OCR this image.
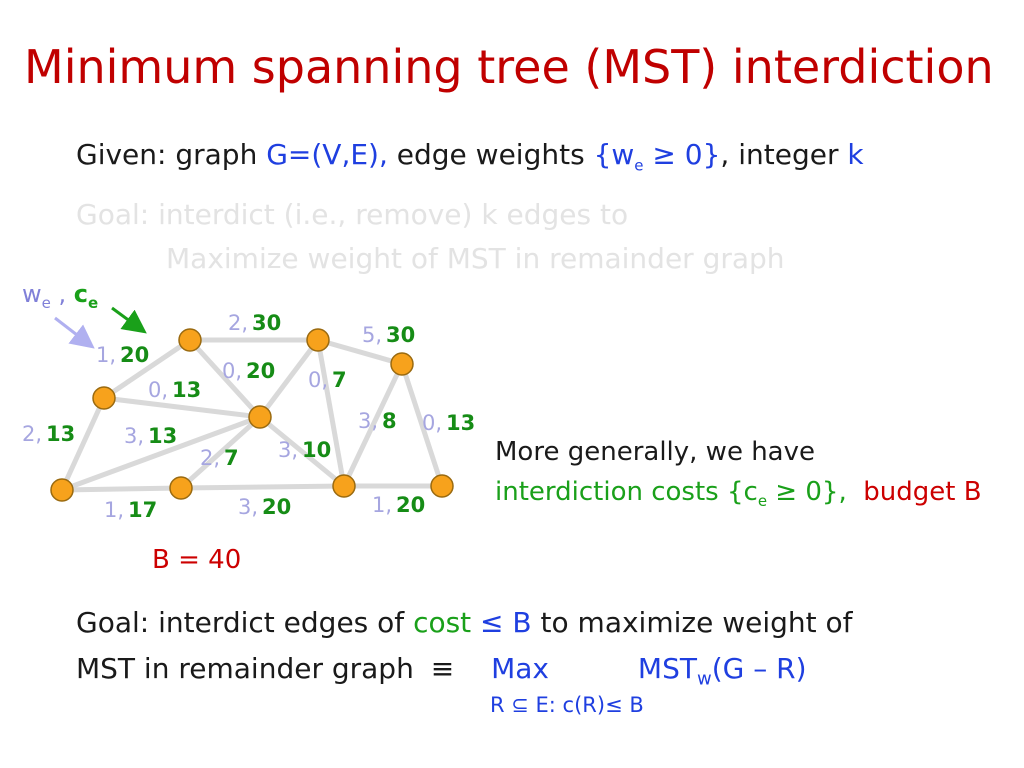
Minimum spanning tree (MST) interdiction
Given: graph G=(V,E), edge weights $\{w_e \ge 0\}$, integer k
Goal: interdict (i.e., remove) k edges to
Maximize weight of MST in remainder graph
$w_e$ , $c_e$
1, 20
2, 30	5, 30
0, 13
0, 20 0, 7
3, 8 0, 13
2, 13 3, 13
2, 7 3, 10
1, 17	3, 20	1, 20
B = 40
More generally, we have
interdiction costs $\{c_e \ge 0\}$, budget B
Goal: interdict edges of cost ≤ B to maximize weight of
MST in remainder graph ≡ Max	$MST_w(G - R)$
R ⊆ E: c(R)≤ B
